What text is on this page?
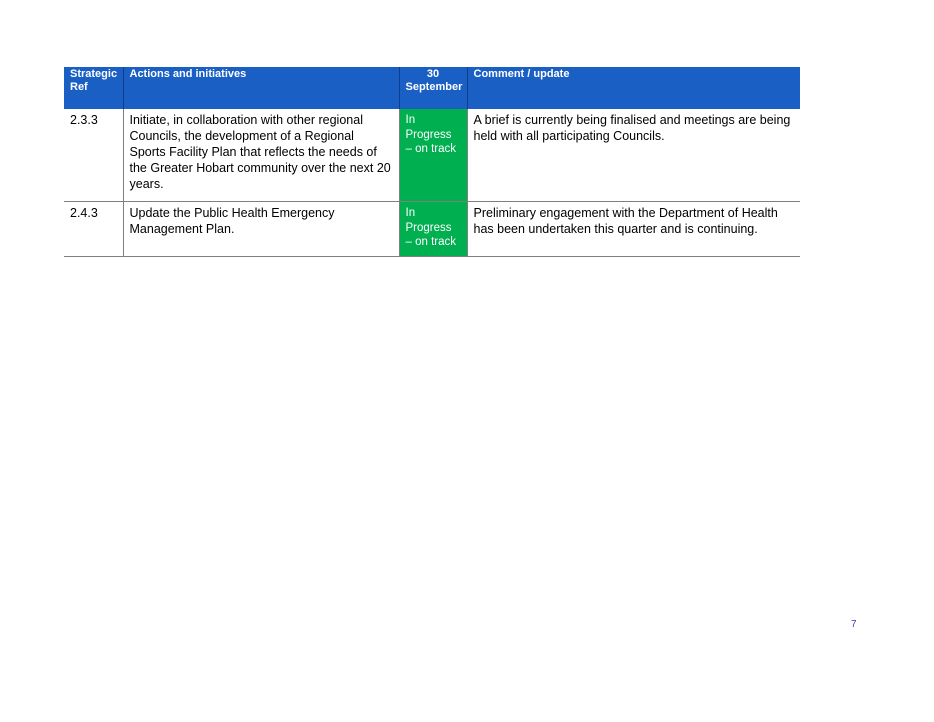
Strategic Ref	Actions and initiatives	30 September	Comment / update
2.3.3	Initiate, in collaboration with other regional Councils, the development of a Regional Sports Facility Plan that reflects the needs of the Greater Hobart community over the next 20 years.	In Progress – on track	A brief is currently being finalised and meetings are being held with all participating Councils.
2.4.3	Update the Public Health Emergency Management Plan.	In Progress – on track	Preliminary engagement with the Department of Health has been undertaken this quarter and is continuing.
7
